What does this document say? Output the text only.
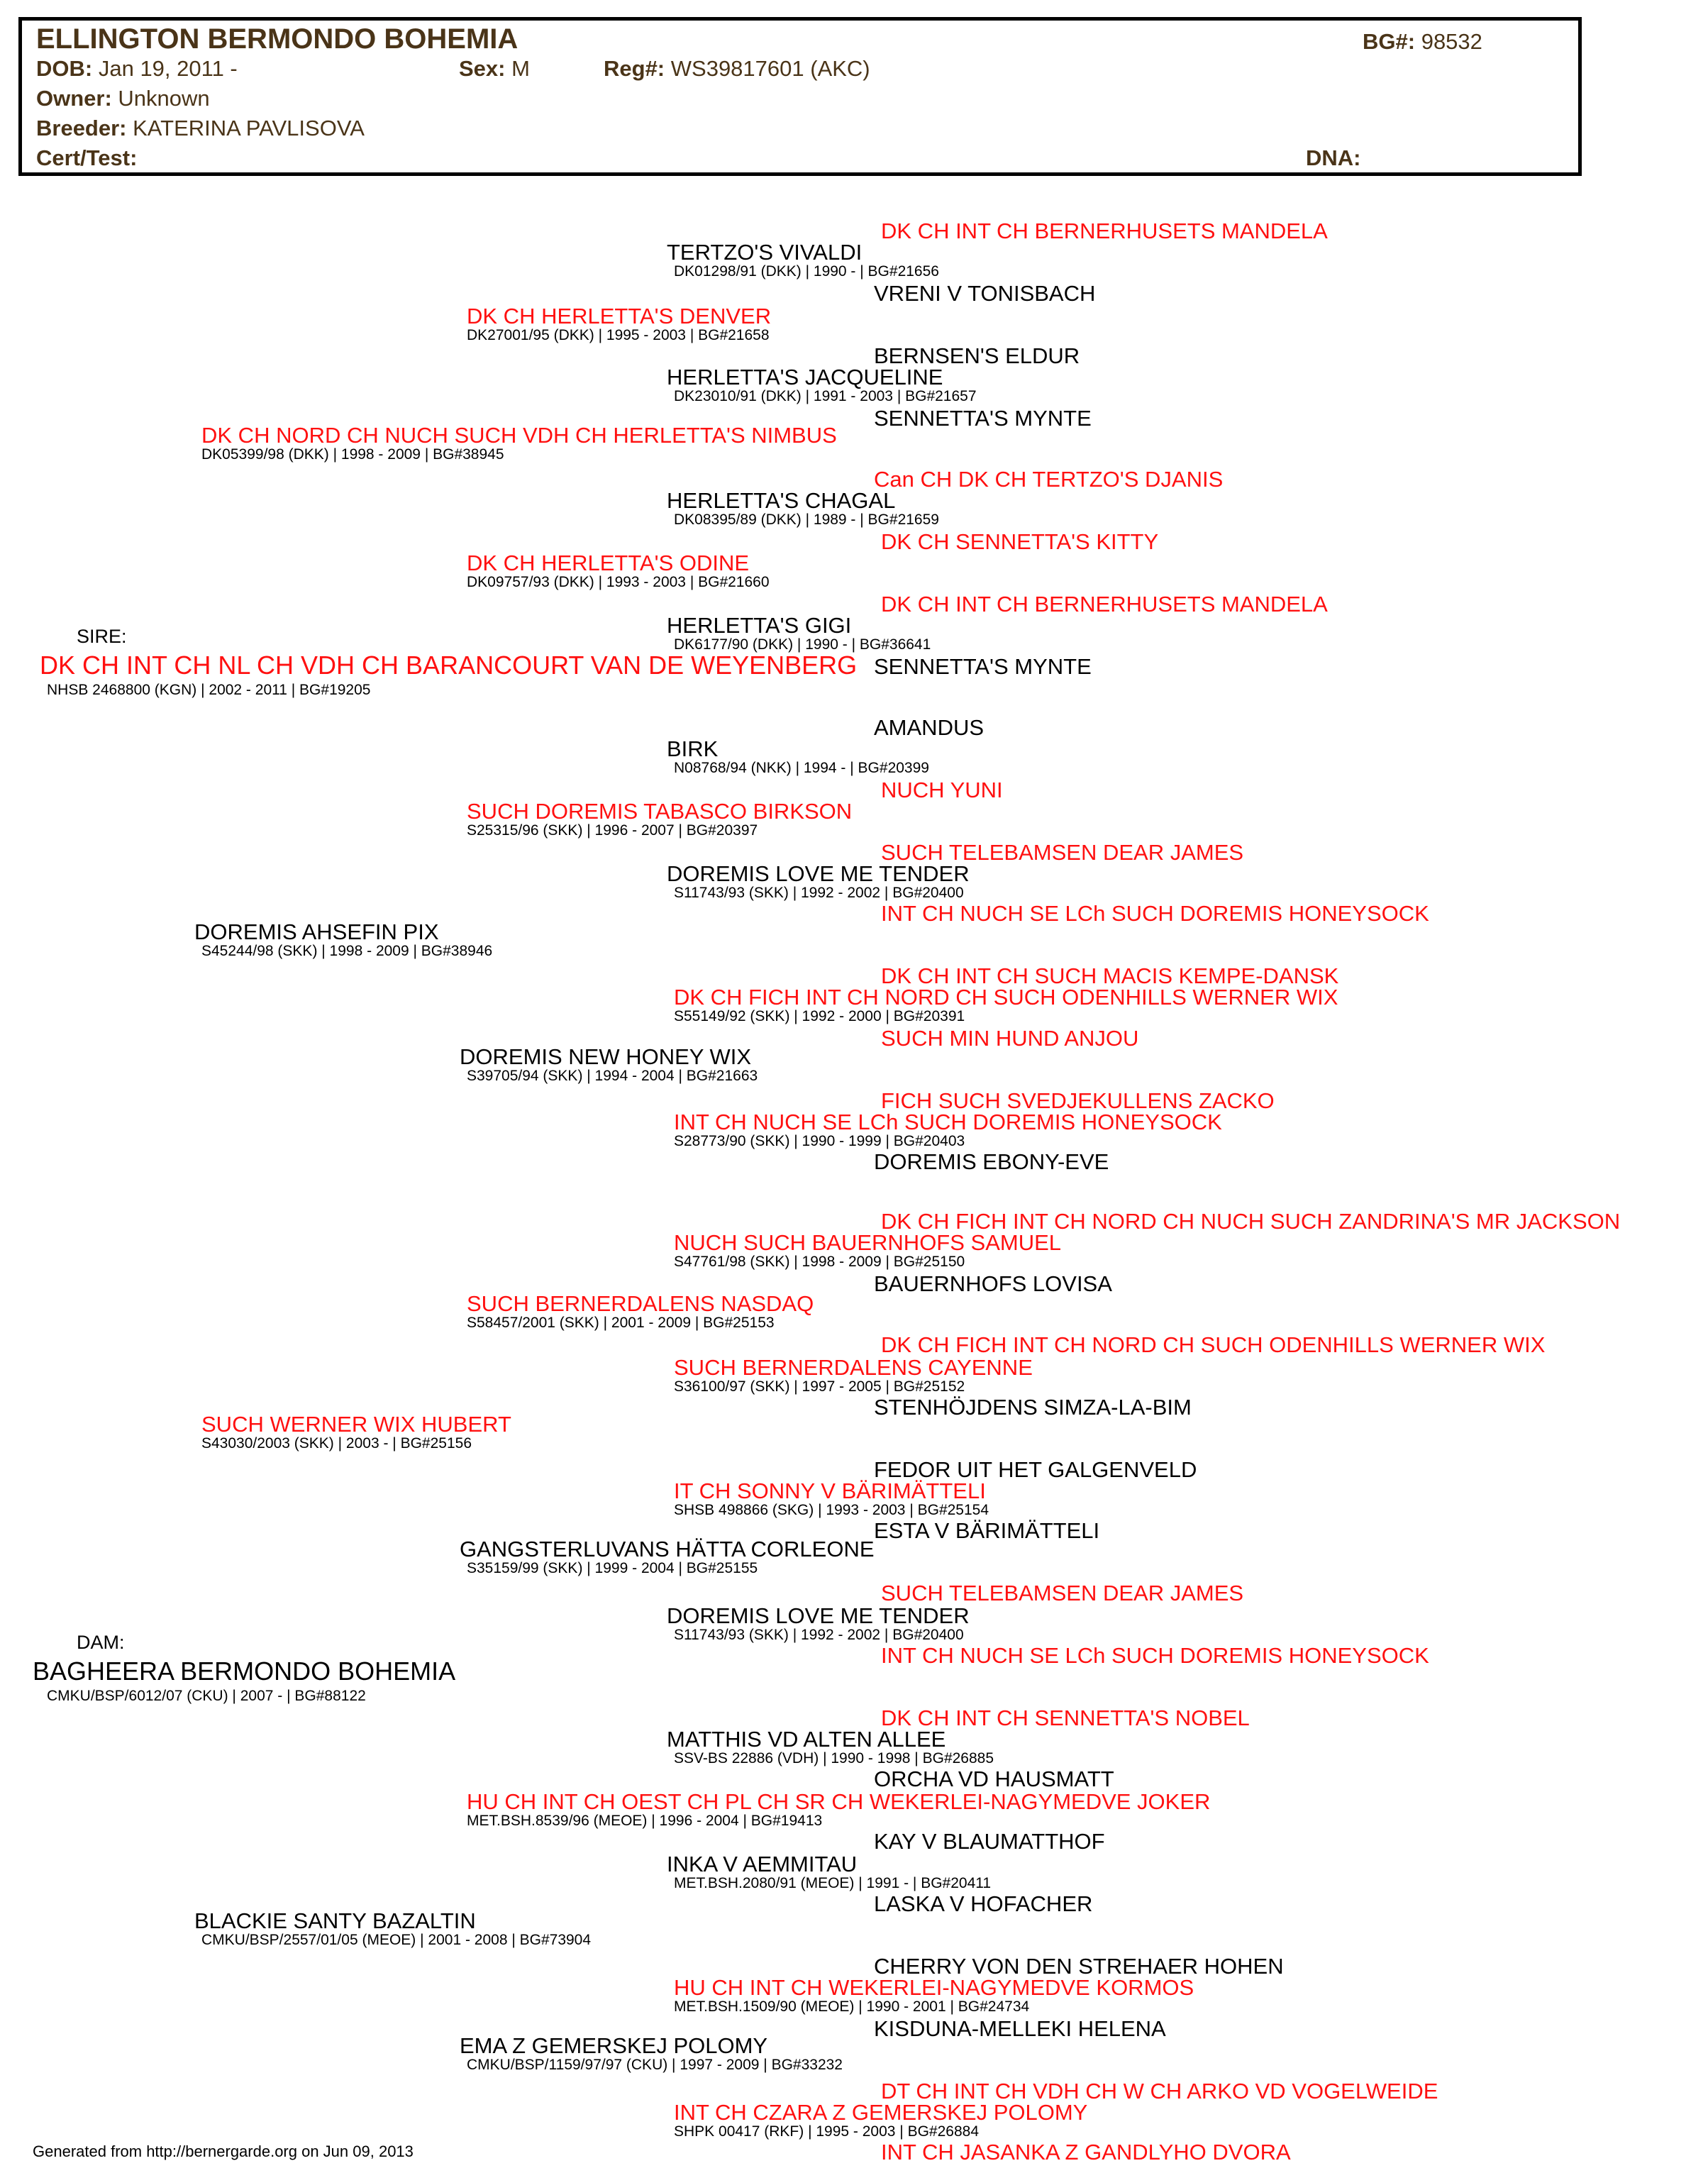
ELLINGTON BERMONDO BOHEMIA	BG#: 98532
DOB: Jan 19, 2011 -	Sex: M	Reg#: WS39817601 (AKC)
Owner: Unknown
Breeder: KATERINA PAVLISOVA
Cert/Test:	DNA:
SIRE:
DK CH INT CH NL CH VDH CH BARANCOURT VAN DE WEYENBERG
NHSB 2468800 (KGN) | 2002 - 2011 | BG#19205
DAM:
BAGHEERA BERMONDO BOHEMIA
CMKU/BSP/6012/07 (CKU) | 2007 - | BG#88122
DK CH NORD CH NUCH SUCH VDH CH HERLETTA'S NIMBUS
DK05399/98 (DKK) | 1998 - 2009 | BG#38945
DOREMIS AHSEFIN PIX
S45244/98 (SKK) | 1998 - 2009 | BG#38946
SUCH WERNER WIX HUBERT
S43030/2003 (SKK) | 2003 - | BG#25156
BLACKIE SANTY BAZALTIN
CMKU/BSP/2557/01/05 (MEOE) | 2001 - 2008 | BG#73904
DK CH HERLETTA'S DENVER
DK27001/95 (DKK) | 1995 - 2003 | BG#21658
DK CH HERLETTA'S ODINE
DK09757/93 (DKK) | 1993 - 2003 | BG#21660
SUCH DOREMIS TABASCO BIRKSON
S25315/96 (SKK) | 1996 - 2007 | BG#20397
DOREMIS NEW HONEY WIX
S39705/94 (SKK) | 1994 - 2004 | BG#21663
SUCH BERNERDALENS NASDAQ
S58457/2001 (SKK) | 2001 - 2009 | BG#25153
GANGSTERLUVANS HÄTTA CORLEONE
S35159/99 (SKK) | 1999 - 2004 | BG#25155
HU CH INT CH OEST CH PL CH SR CH WEKERLEI-NAGYMEDVE JOKER
MET.BSH.8539/96 (MEOE) | 1996 - 2004 | BG#19413
EMA Z GEMERSKEJ POLOMY
CMKU/BSP/1159/97/97 (CKU) | 1997 - 2009 | BG#33232
TERTZO'S VIVALDI
DK01298/91 (DKK) | 1990 - | BG#21656
HERLETTA'S JACQUELINE
DK23010/91 (DKK) | 1991 - 2003 | BG#21657
HERLETTA'S CHAGAL
DK08395/89 (DKK) | 1989 - | BG#21659
HERLETTA'S GIGI
DK6177/90 (DKK) | 1990 - | BG#36641
BIRK
N08768/94 (NKK) | 1994 - | BG#20399
DOREMIS LOVE ME TENDER
S11743/93 (SKK) | 1992 - 2002 | BG#20400
DK CH FICH INT CH NORD CH SUCH ODENHILLS WERNER WIX
S55149/92 (SKK) | 1992 - 2000 | BG#20391
INT CH NUCH SE LCh SUCH DOREMIS HONEYSOCK
S28773/90 (SKK) | 1990 - 1999 | BG#20403
NUCH SUCH BAUERNHOFS SAMUEL
S47761/98 (SKK) | 1998 - 2009 | BG#25150
SUCH BERNERDALENS CAYENNE
S36100/97 (SKK) | 1997 - 2005 | BG#25152
IT CH SONNY V BÄRIMÄTTELI
SHSB 498866 (SKG) | 1993 - 2003 | BG#25154
DOREMIS LOVE ME TENDER
S11743/93 (SKK) | 1992 - 2002 | BG#20400
MATTHIS VD ALTEN ALLEE
SSV-BS 22886 (VDH) | 1990 - 1998 | BG#26885
INKA V AEMMITAU
MET.BSH.2080/91 (MEOE) | 1991 - | BG#20411
HU CH INT CH WEKERLEI-NAGYMEDVE KORMOS
MET.BSH.1509/90 (MEOE) | 1990 - 2001 | BG#24734
INT CH CZARA Z GEMERSKEJ POLOMY
SHPK 00417 (RKF) | 1995 - 2003 | BG#26884
DK CH INT CH BERNERHUSETS MANDELA
VRENI V TONISBACH
BERNSEN'S ELDUR
SENNETTA'S MYNTE
Can CH DK CH TERTZO'S DJANIS
DK CH SENNETTA'S KITTY
DK CH INT CH BERNERHUSETS MANDELA
SENNETTA'S MYNTE
AMANDUS
NUCH YUNI
SUCH TELEBAMSEN DEAR JAMES
INT CH NUCH SE LCh SUCH DOREMIS HONEYSOCK
DK CH INT CH SUCH MACIS KEMPE-DANSK
SUCH MIN HUND ANJOU
FICH SUCH SVEDJEKULLENS ZACKO
DOREMIS EBONY-EVE
DK CH FICH INT CH NORD CH NUCH SUCH ZANDRINA'S MR JACKSON
BAUERNHOFS LOVISA
DK CH FICH INT CH NORD CH SUCH ODENHILLS WERNER WIX
STENHÖJDENS SIMZA-LA-BIM
FEDOR UIT HET GALGENVELD
ESTA V BÄRIMÄTTELI
SUCH TELEBAMSEN DEAR JAMES
INT CH NUCH SE LCh SUCH DOREMIS HONEYSOCK
DK CH INT CH SENNETTA'S NOBEL
ORCHA VD HAUSMATT
KAY V BLAUMATTHOF
LASKA V HOFACHER
CHERRY VON DEN STREHAER HOHEN
KISDUNA-MELLEKI HELENA
DT CH INT CH VDH CH W CH ARKO VD VOGELWEIDE
INT CH JASANKA Z GANDLYHO DVORA
Generated from http://bernergarde.org on Jun 09, 2013
